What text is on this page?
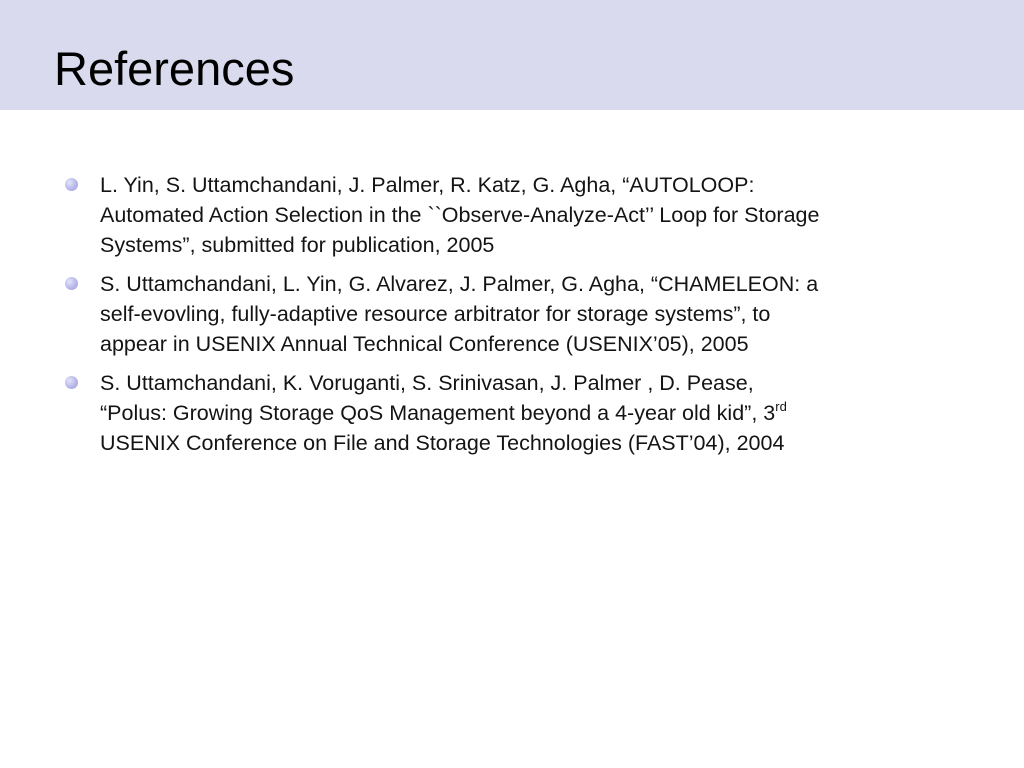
References
L. Yin, S. Uttamchandani, J. Palmer, R. Katz, G. Agha, “AUTOLOOP:
Automated Action Selection in the ``Observe-Analyze-Act’’ Loop for Storage
Systems”, submitted for publication, 2005
S. Uttamchandani, L. Yin, G. Alvarez, J. Palmer, G. Agha, “CHAMELEON: a
self-evovling, fully-adaptive resource arbitrator for storage systems”, to
appear in USENIX Annual Technical Conference (USENIX’05), 2005
S. Uttamchandani, K. Voruganti, S. Srinivasan, J. Palmer , D. Pease,
“Polus: Growing Storage QoS Management beyond a 4-year old kid”, 3rd
USENIX Conference on File and Storage Technologies (FAST’04), 2004
